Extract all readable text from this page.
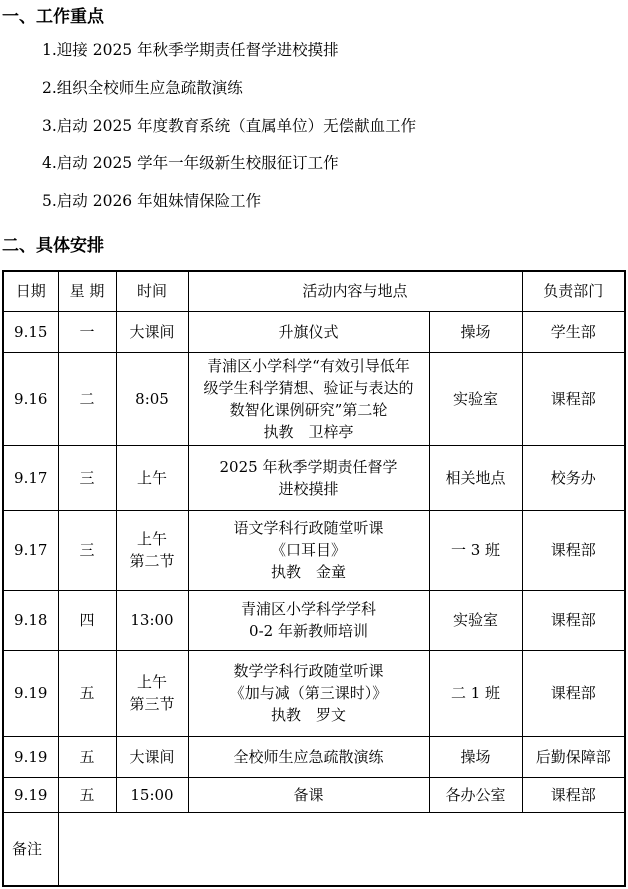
一、工作重点
1.迎接 2025 年秋季学期责任督学进校摸排
2.组织全校师生应急疏散演练
3.启动 2025 年度教育系统（直属单位）无偿献血工作
4.启动 2025 学年一年级新生校服征订工作
5.启动 2026 年姐妹情保险工作
二、具体安排
日期	星 期	时间	活动内容与地点		负责部门
9.15	一	大课间	升旗仪式	操场	学生部
9.16	二	8:05	青浦区小学科学“有效引导低年
级学生科学猜想、验证与表达的
数智化课例研究”第二轮
执教　卫梓亭	实验室	课程部
9.17	三	上午	2025 年秋季学期责任督学
进校摸排	相关地点	校务办
9.17	三	上午
第二节	语文学科行政随堂听课
《口耳目》
执教　金童	一 3 班	课程部
9.18	四	13:00	青浦区小学科学学科
0-2 年新教师培训	实验室	课程部
9.19	五	上午
第三节	数学学科行政随堂听课
《加与减（第三课时）》
执教　罗文	二 1 班	课程部
9.19	五	大课间	全校师生应急疏散演练	操场	后勤保障部
9.19	五	15:00	备课	各办公室	课程部
备注					
